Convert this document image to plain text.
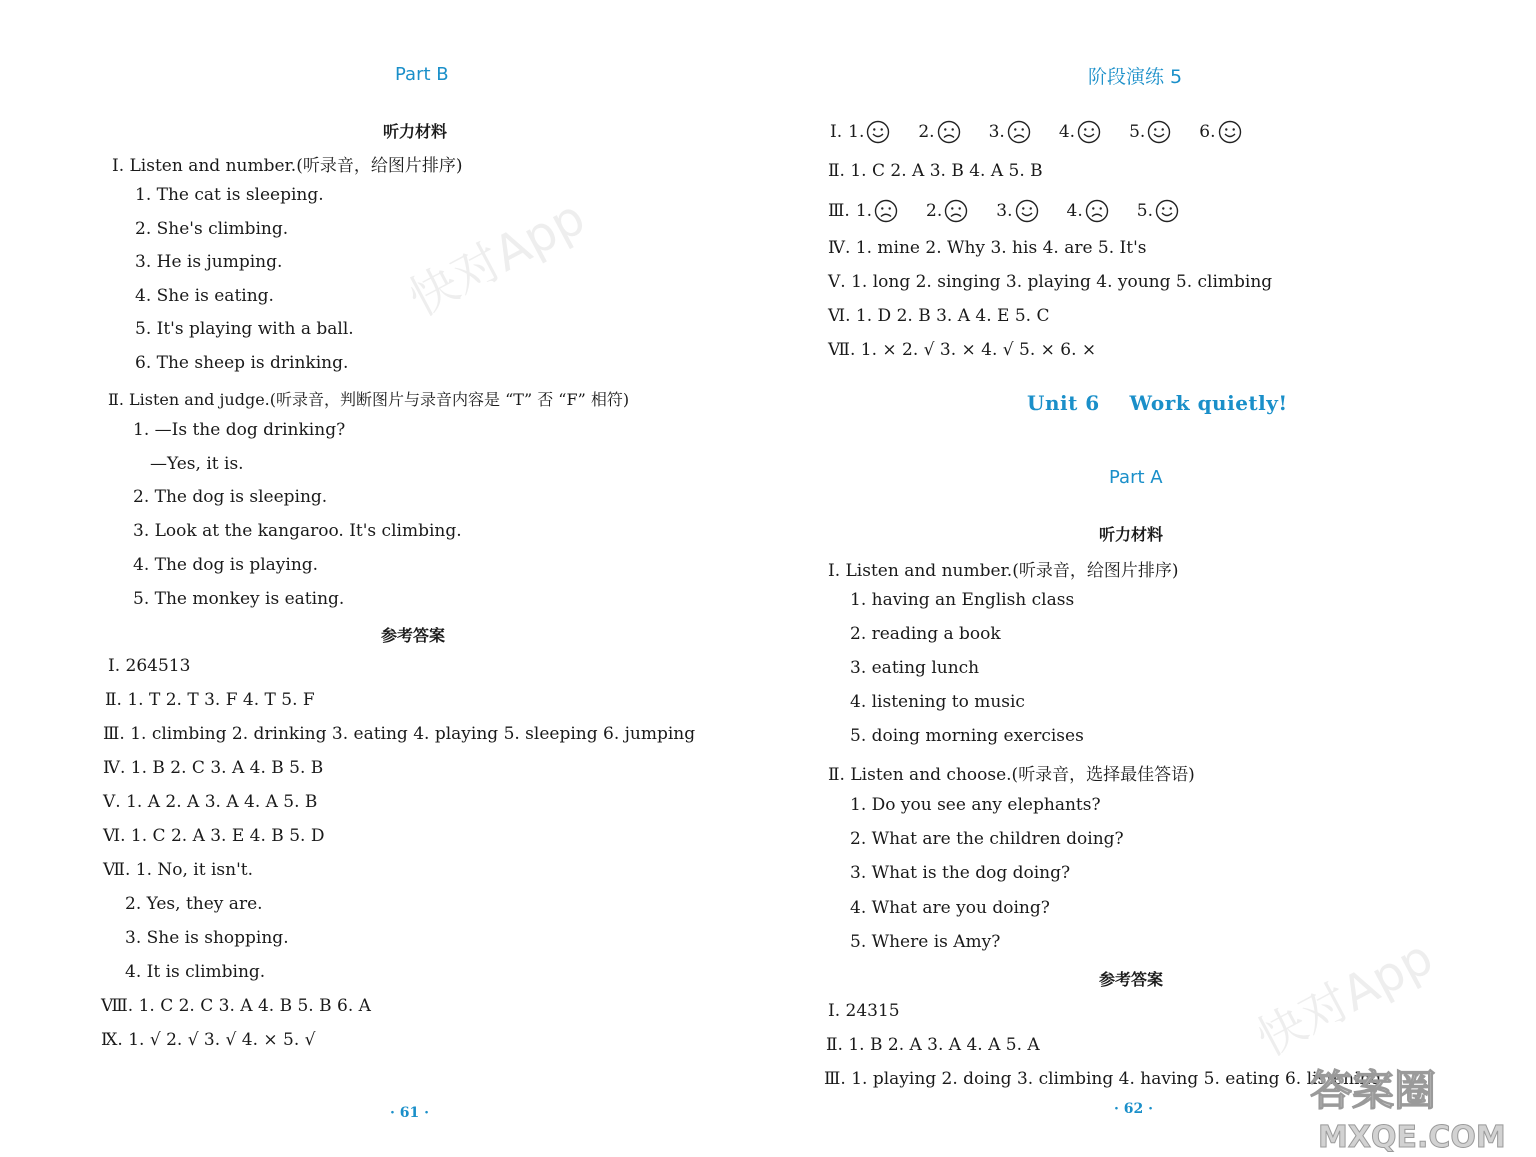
Part B
听力材料
Ⅰ. Listen and number.(听录音，给图片排序)
1. The cat is sleeping.
2. She's climbing.
3. He is jumping.
4. She is eating.
5. It's playing with a ball.
6. The sheep is drinking.
Ⅱ. Listen and judge.(听录音，判断图片与录音内容是 “T” 否 “F” 相符)
1. —Is the dog drinking?
—Yes, it is.
2. The dog is sleeping.
3. Look at the kangaroo. It's climbing.
4. The dog is playing.
5. The monkey is eating.
参考答案
Ⅰ. 264513
Ⅱ. 1. T 2. T 3. F 4. T 5. F
Ⅲ. 1. climbing 2. drinking 3. eating 4. playing 5. sleeping 6. jumping
Ⅳ. 1. B 2. C 3. A 4. B 5. B
Ⅴ. 1. A 2. A 3. A 4. A 5. B
Ⅵ. 1. C 2. A 3. E 4. B 5. D
Ⅶ. 1. No, it isn't.
2. Yes, they are.
3. She is shopping.
4. It is climbing.
Ⅷ. 1. C 2. C 3. A 4. B 5. B 6. A
Ⅸ. 1. √ 2. √ 3. √ 4. × 5. √
· 61 ·
快对App
阶段演练 5
Ⅰ. 1.	2.	3.	4.	5.	6.
Ⅱ. 1. C 2. A 3. B 4. A 5. B
Ⅲ. 1.	2.	3.	4.	5.
Ⅳ. 1. mine 2. Why 3. his 4. are 5. It's
Ⅴ. 1. long 2. singing 3. playing 4. young 5. climbing
Ⅵ. 1. D 2. B 3. A 4. E 5. C
Ⅶ. 1. × 2. √ 3. × 4. √ 5. × 6. ×
Unit 6    Work quietly!
Part A
听力材料
Ⅰ. Listen and number.(听录音，给图片排序)
1. having an English class
2. reading a book
3. eating lunch
4. listening to music
5. doing morning exercises
Ⅱ. Listen and choose.(听录音，选择最佳答语)
1. Do you see any elephants?
2. What are the children doing?
3. What is the dog doing?
4. What are you doing?
5. Where is Amy?
参考答案
Ⅰ. 24315
Ⅱ. 1. B 2. A 3. A 4. A 5. A
Ⅲ. 1. playing 2. doing 3. climbing 4. having 5. eating 6. listening
· 62 ·
快对App
答案圈
MXQE.COM
